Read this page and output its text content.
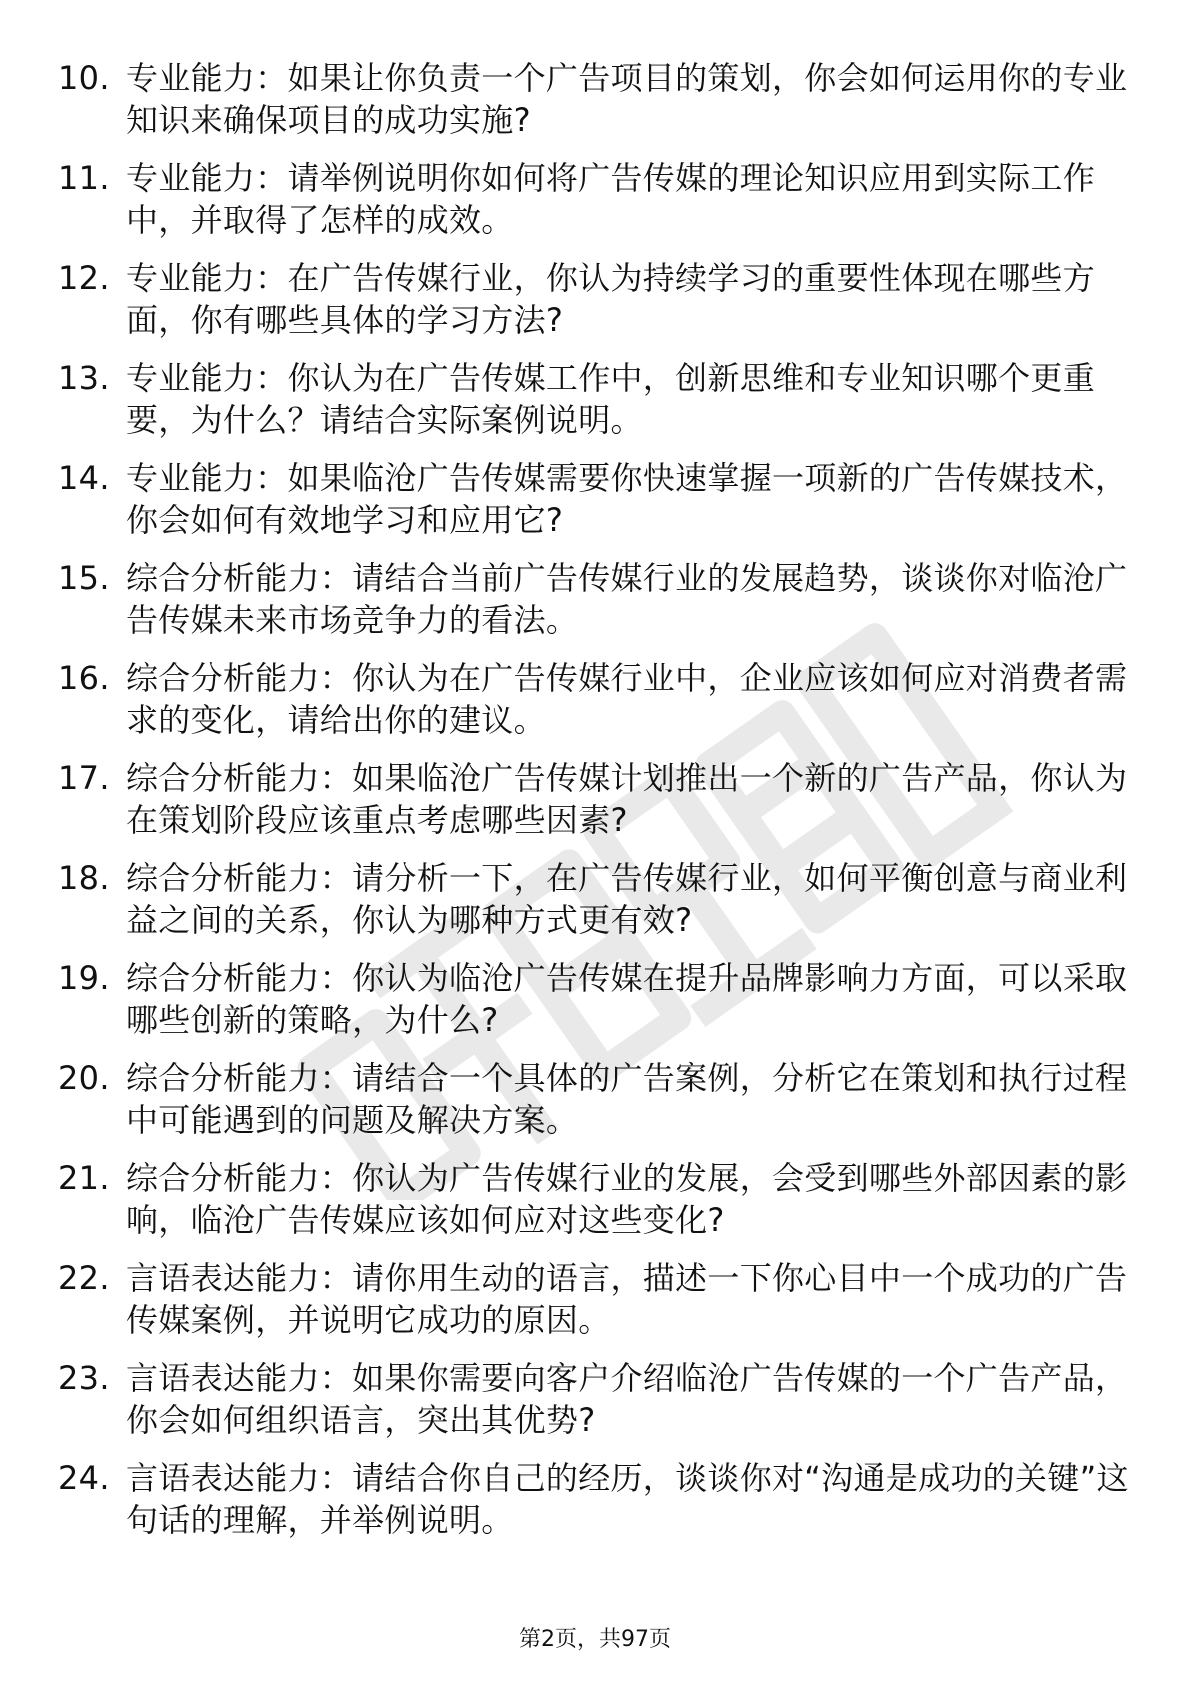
10. 专业能力：如果让你负责一个广告项目的策划，你会如何运用你的专业知识来确保项目的成功实施?
11. 专业能力：请举例说明你如何将广告传媒的理论知识应用到实际工作中，并取得了怎样的成效。
12. 专业能力：在广告传媒行业，你认为持续学习的重要性体现在哪些方面，你有哪些具体的学习方法?
13. 专业能力：你认为在广告传媒工作中，创新思维和专业知识哪个更重要，为什么？请结合实际案例说明。
14. 专业能力：如果临沧广告传媒需要你快速掌握一项新的广告传媒技术，你会如何有效地学习和应用它?
15. 综合分析能力：请结合当前广告传媒行业的发展趋势，谈谈你对临沧广告传媒未来市场竞争力的看法。
16. 综合分析能力：你认为在广告传媒行业中，企业应该如何应对消费者需求的变化，请给出你的建议。
17. 综合分析能力：如果临沧广告传媒计划推出一个新的广告产品，你认为在策划阶段应该重点考虑哪些因素?
18. 综合分析能力：请分析一下，在广告传媒行业，如何平衡创意与商业利益之间的关系，你认为哪种方式更有效?
19. 综合分析能力：你认为临沧广告传媒在提升品牌影响力方面，可以采取哪些创新的策略，为什么?
20. 综合分析能力：请结合一个具体的广告案例，分析它在策划和执行过程中可能遇到的问题及解决方案。
21. 综合分析能力：你认为广告传媒行业的发展，会受到哪些外部因素的影响，临沧广告传媒应该如何应对这些变化?
22. 言语表达能力：请你用生动的语言，描述一下你心目中一个成功的广告传媒案例，并说明它成功的原因。
23. 言语表达能力：如果你需要向客户介绍临沧广告传媒的一个广告产品，你会如何组织语言，突出其优势?
24. 言语表达能力：请结合你自己的经历，谈谈你对“沟通是成功的关键”这句话的理解，并举例说明。
第2页，共97页
